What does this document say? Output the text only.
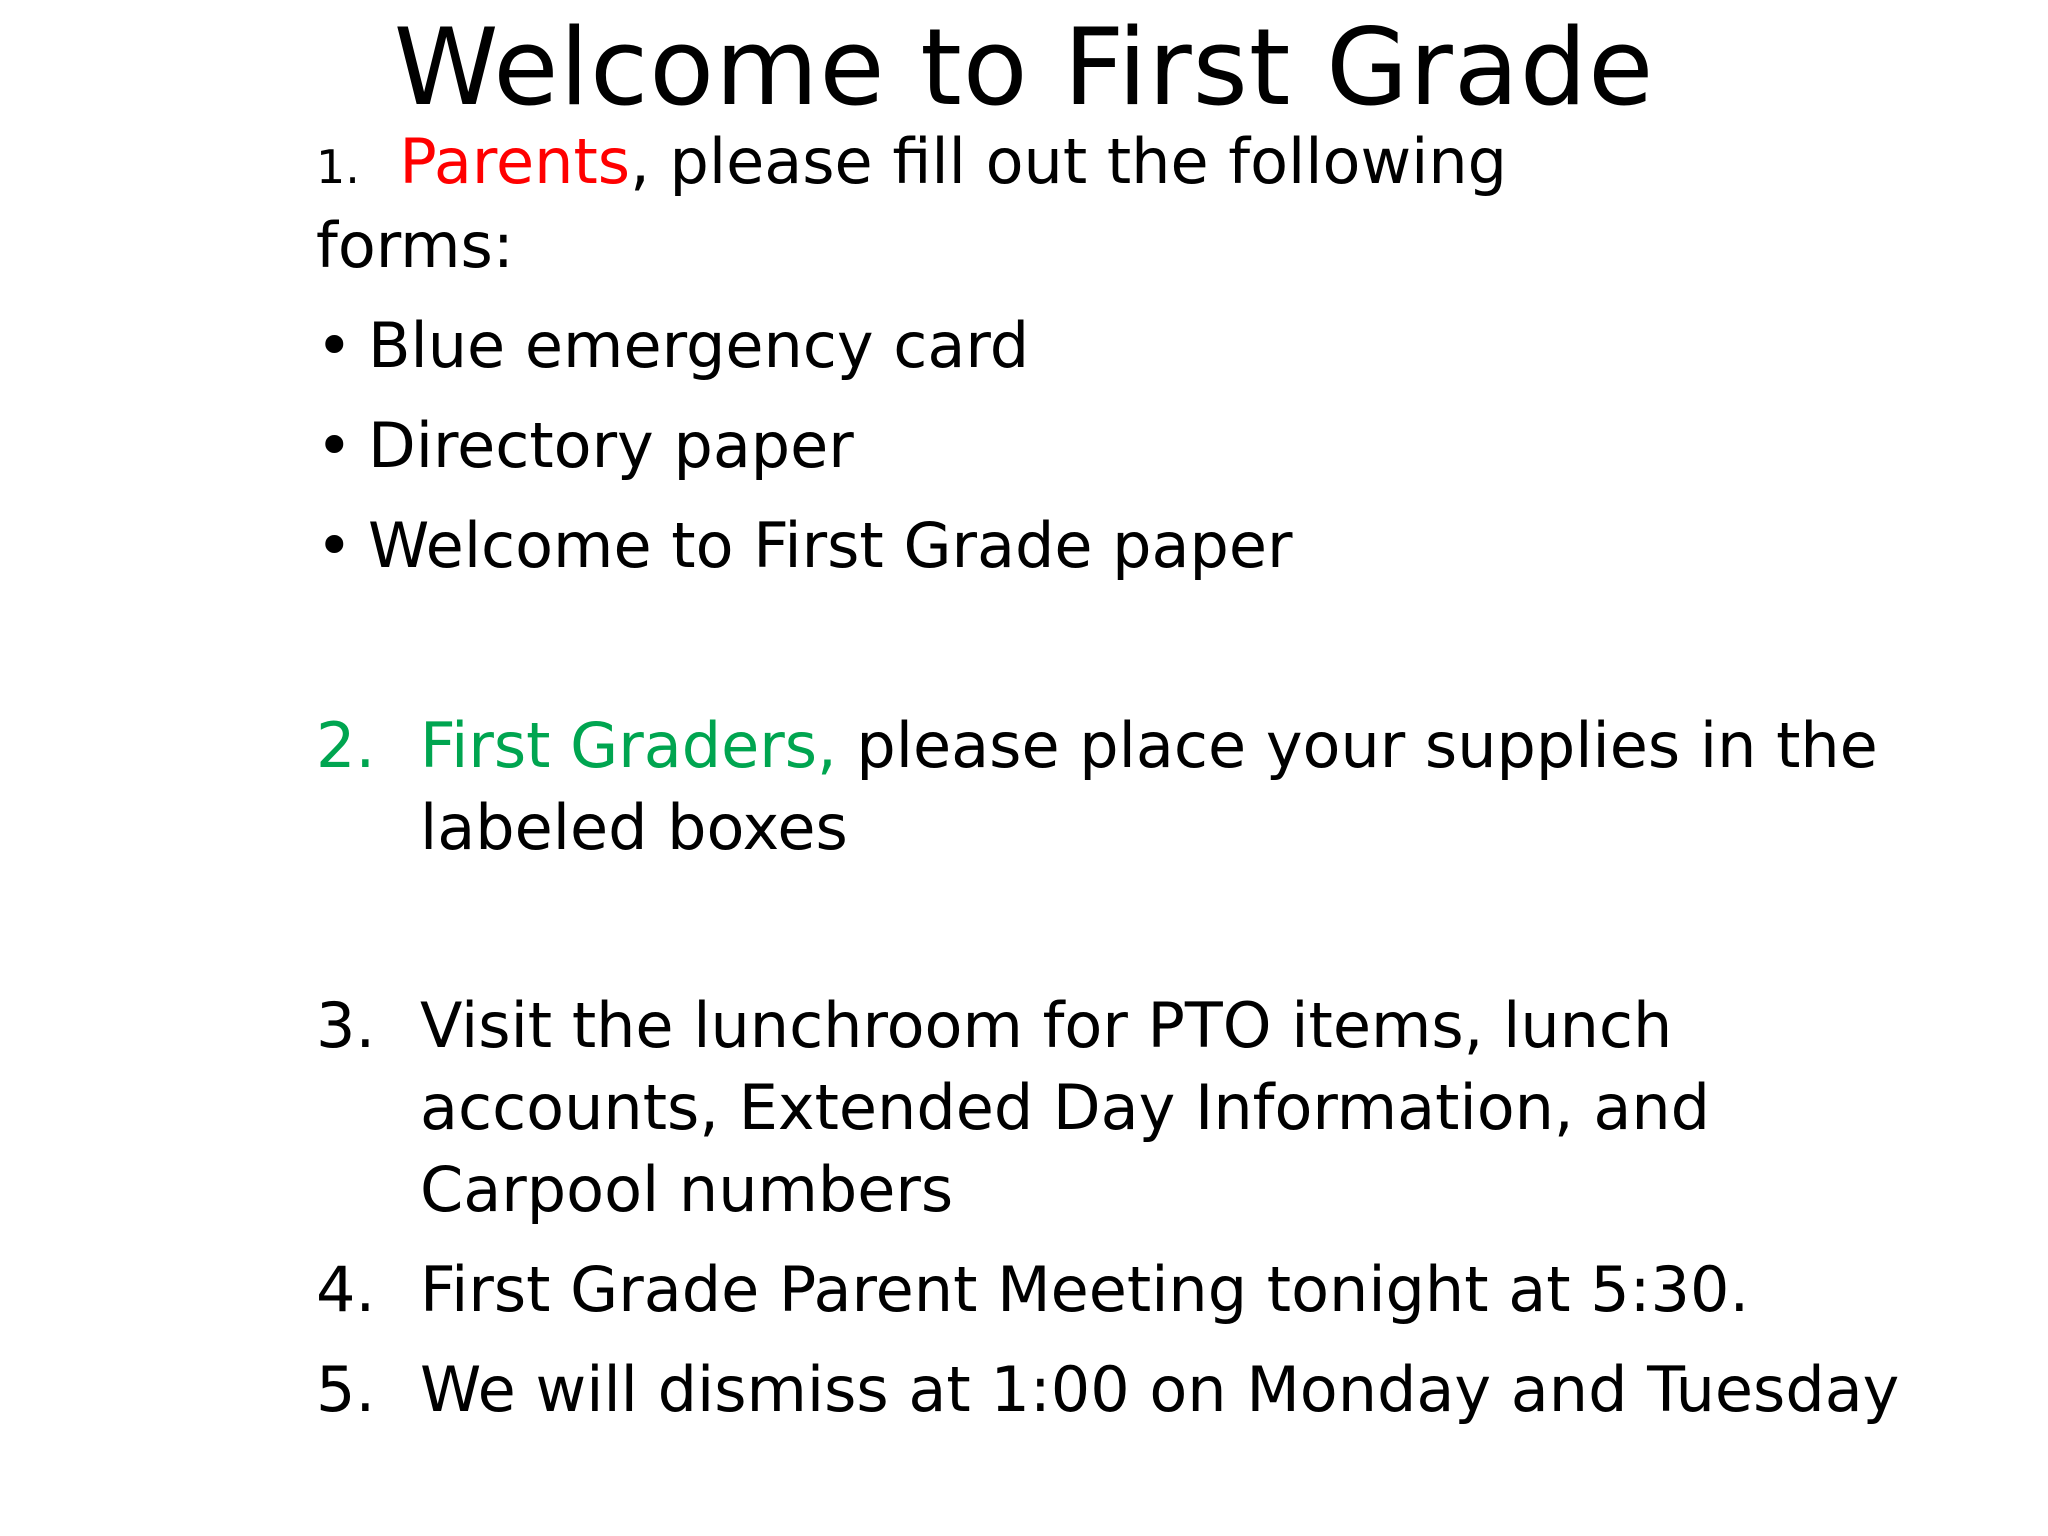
Welcome to First Grade
1. Parents, please fill out the following
forms:
• Blue emergency card
• Directory paper
• Welcome to First Grade paper
2. First Graders, please place your supplies in the
labeled boxes
3. Visit the lunchroom for PTO items, lunch
accounts, Extended Day Information, and
Carpool numbers
4. First Grade Parent Meeting tonight at 5:30.
5. We will dismiss at 1:00 on Monday and Tuesday
